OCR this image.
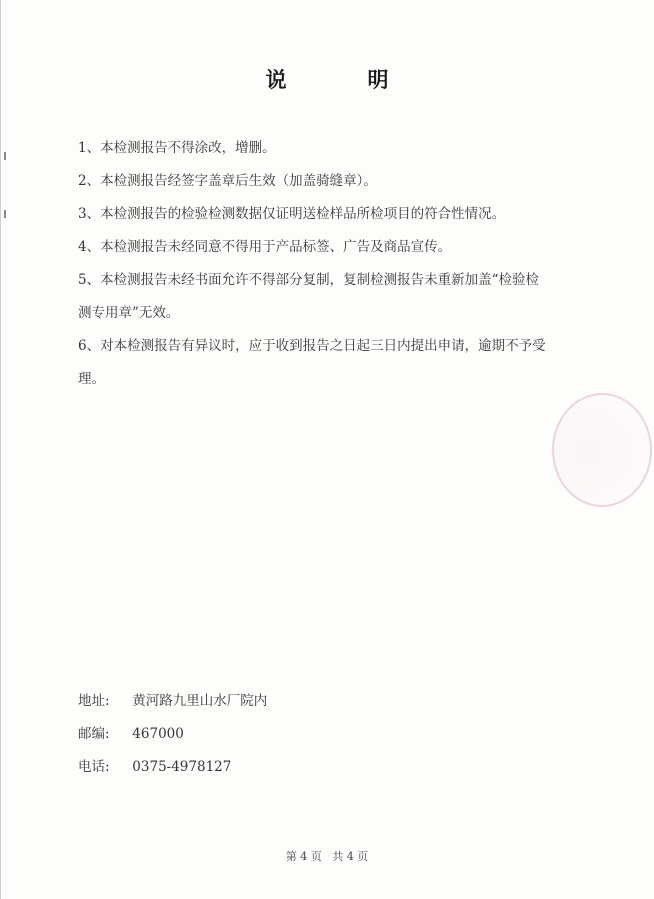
说　明
1、本检测报告不得涂改，增删。
2、本检测报告经签字盖章后生效（加盖骑缝章）。
3、本检测报告的检验检测数据仅证明送检样品所检项目的符合性情况。
4、本检测报告未经同意不得用于产品标签、广告及商品宣传。
5、本检测报告未经书面允许不得部分复制，复制检测报告未重新加盖“检验检
测专用章”无效。
6、对本检测报告有异议时，应于收到报告之日起三日内提出申请，逾期不予受
理。
地址: 黄河路九里山水厂院内
邮编: 467000
电话: 0375-4978127
第 4 页   共 4 页
